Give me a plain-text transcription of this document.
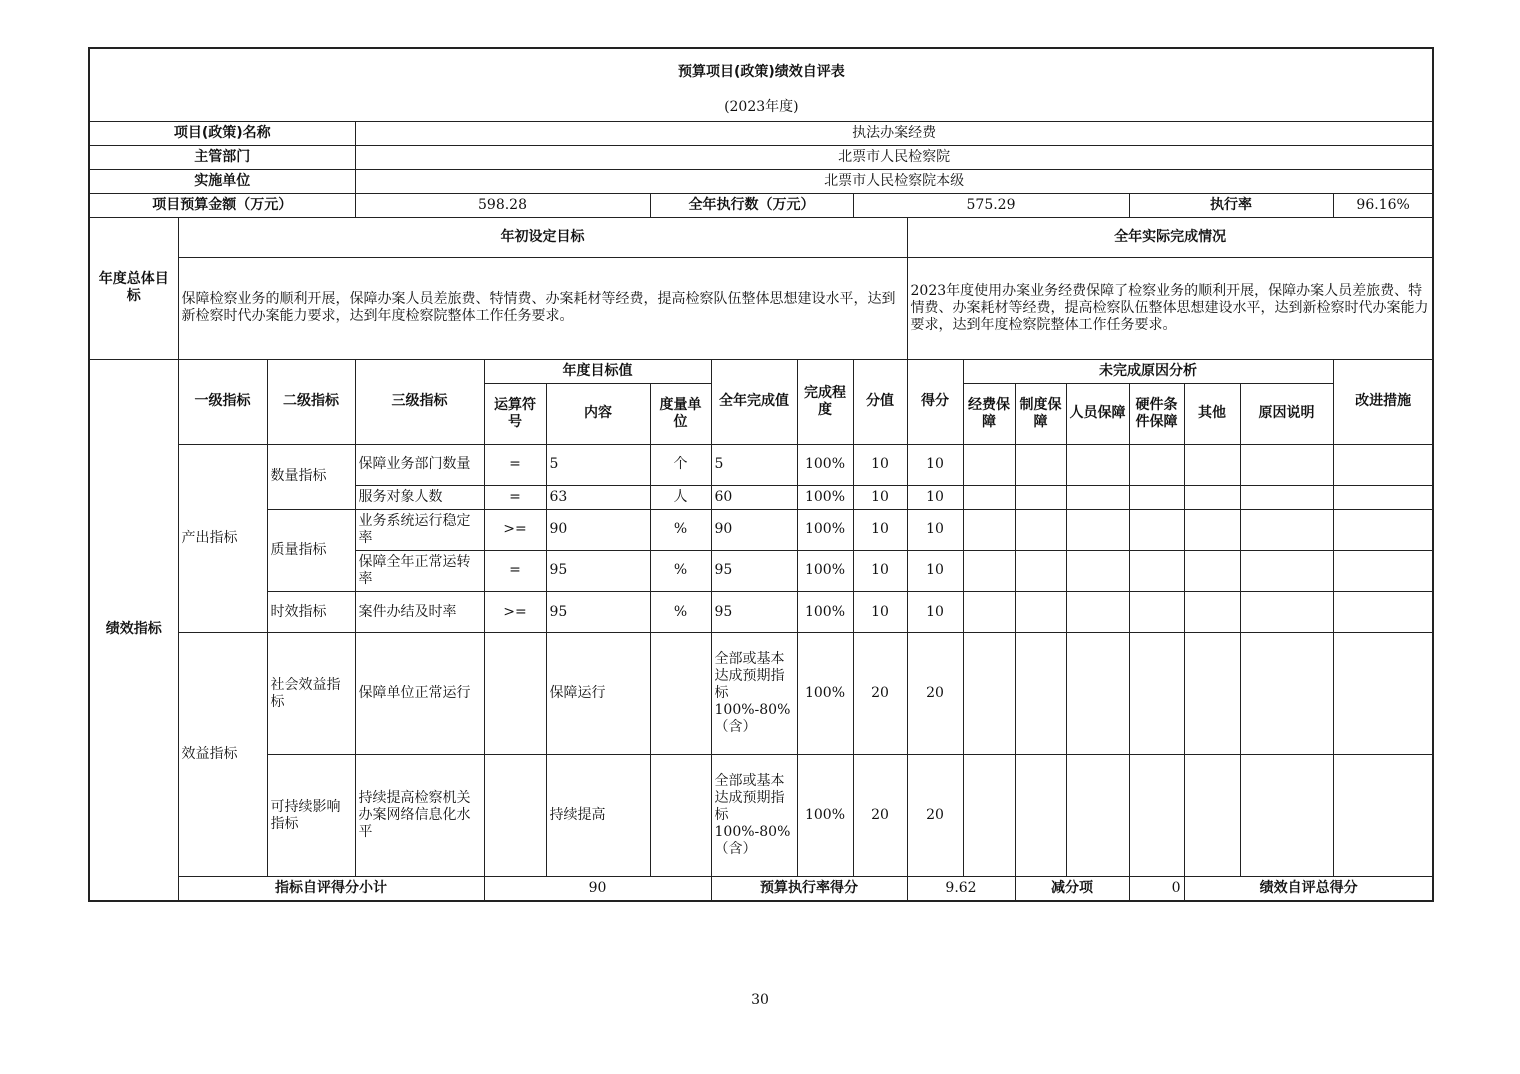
预算项目(政策)绩效自评表																		
(2023年度)																		
项目(政策)名称			执法办案经费															
主管部门			北票市人民检察院															
实施单位			北票市人民检察院本级															
项目预算金额（万元）			598.28			全年执行数（万元）			575.29					执行率			96.16%	
年度总体目标	年初设定目标									全年实际完成情况								
	保障检察业务的顺利开展，保障办案人员差旅费、特情费、办案耗材等经费，提高检察队伍整体思想建设水平，达到新检察时代办案能力要求，达到年度检察院整体工作任务要求。									2023年度使用办案业务经费保障了检察业务的顺利开展，保障办案人员差旅费、特情费、办案耗材等经费，提高检察队伍整体思想建设水平，达到新检察时代办案能力要求，达到年度检察院整体工作任务要求。								
绩效指标	一级指标	二级指标	三级指标	年度目标值			全年完成值	完成程度	分值	得分	未完成原因分析						改进措施	
				运算符号	内容	度量单位					经费保障	制度保障	人员保障	硬件条件保障	其他	原因说明		
	产出指标	数量指标	保障业务部门数量	=	5	个	5	100%	10	10								
			服务对象人数	=	63	人	60	100%	10	10								
		质量指标	业务系统运行稳定率	>=	90	%	90	100%	10	10								
			保障全年正常运转率	=	95	%	95	100%	10	10								
		时效指标	案件办结及时率	>=	95	%	95	100%	10	10								
	效益指标	社会效益指标	保障单位正常运行		保障运行		全部或基本达成预期指标100%-80%（含）	100%	20	20								
		可持续影响指标	持续提高检察机关办案网络信息化水平		持续提高		全部或基本达成预期指标100%-80%（含）	100%	20	20								
	指标自评得分小计			90			预算执行率得分			9.62		减分项		0	绩效自评总得分	
30
